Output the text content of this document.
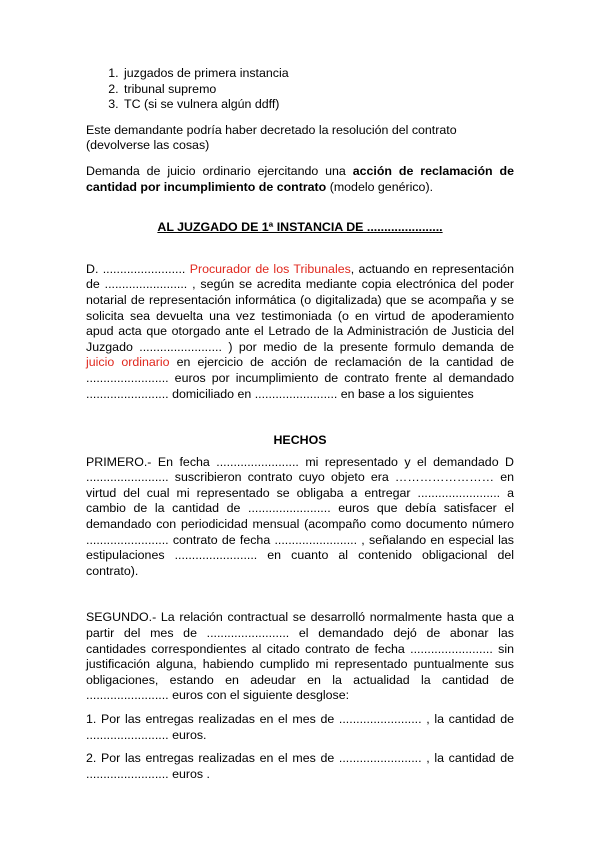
1. juzgados de primera instancia
2. tribunal supremo
3. TC (si se vulnera algún ddff)

Este demandante podría haber decretado la resolución del contrato (devolverse las cosas)

Demanda de juicio ordinario ejercitando una acción de reclamación de cantidad por incumplimiento de contrato (modelo genérico).

AL JUZGADO DE 1ª INSTANCIA DE ......................

D. ........................ Procurador de los Tribunales, actuando en representación de ........................ , según se acredita mediante copia electrónica del poder notarial de representación informática (o digitalizada) que se acompaña y se solicita sea devuelta una vez testimoniada (o en virtud de apoderamiento apud acta que otorgado ante el Letrado de la Administración de Justicia del Juzgado ........................ ) por medio de la presente formulo demanda de juicio ordinario en ejercicio de acción de reclamación de la cantidad de ........................ euros por incumplimiento de contrato frente al demandado ........................ domiciliado en ........................ en base a los siguientes

HECHOS

PRIMERO.- En fecha ........................ mi representado y el demandado D ........................ suscribieron contrato cuyo objeto era …………………… en virtud del cual mi representado se obligaba a entregar ........................ a cambio de la cantidad de ........................ euros que debía satisfacer el demandado con periodicidad mensual (acompaño como documento número ........................ contrato de fecha ........................ , señalando en especial las estipulaciones ........................ en cuanto al contenido obligacional del contrato).

SEGUNDO.- La relación contractual se desarrolló normalmente hasta que a partir del mes de ........................ el demandado dejó de abonar las cantidades correspondientes al citado contrato de fecha ........................ sin justificación alguna, habiendo cumplido mi representado puntualmente sus obligaciones, estando en adeudar en la actualidad la cantidad de ........................ euros con el siguiente desglose:

1. Por las entregas realizadas en el mes de ........................ , la cantidad de ........................ euros.

2. Por las entregas realizadas en el mes de ........................ , la cantidad de ........................ euros .
